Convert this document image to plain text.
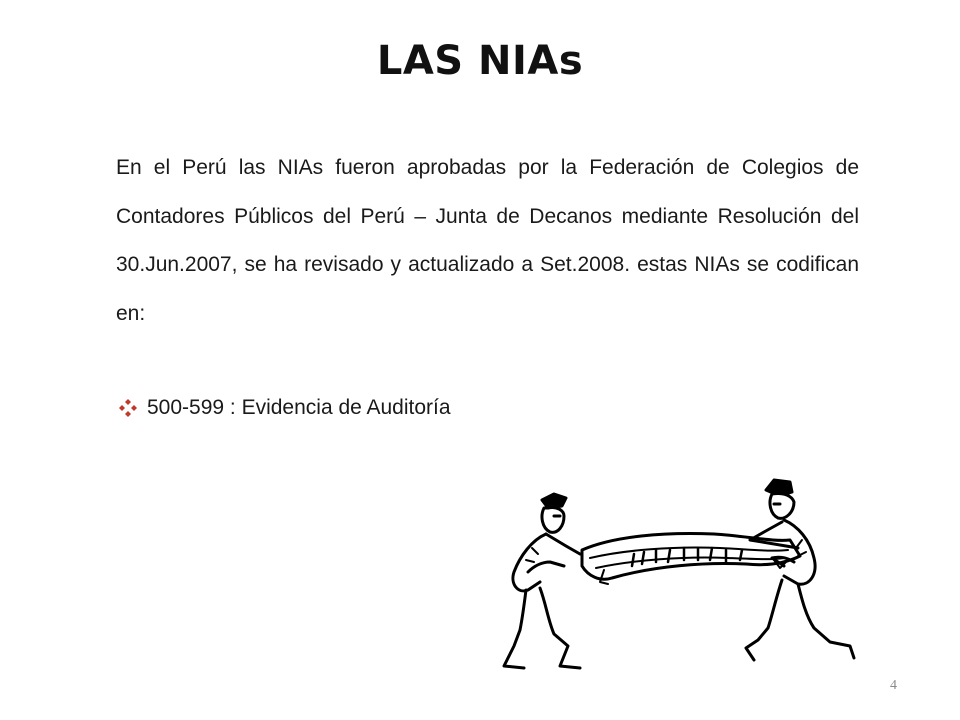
LAS NIAs
En el Perú las NIAs fueron aprobadas por la Federación de Colegios de Contadores Públicos del Perú – Junta de Decanos mediante Resolución del 30.Jun.2007, se ha revisado y actualizado a Set.2008. estas NIAs se codifican en:
500-599 : Evidencia de Auditoría
4
